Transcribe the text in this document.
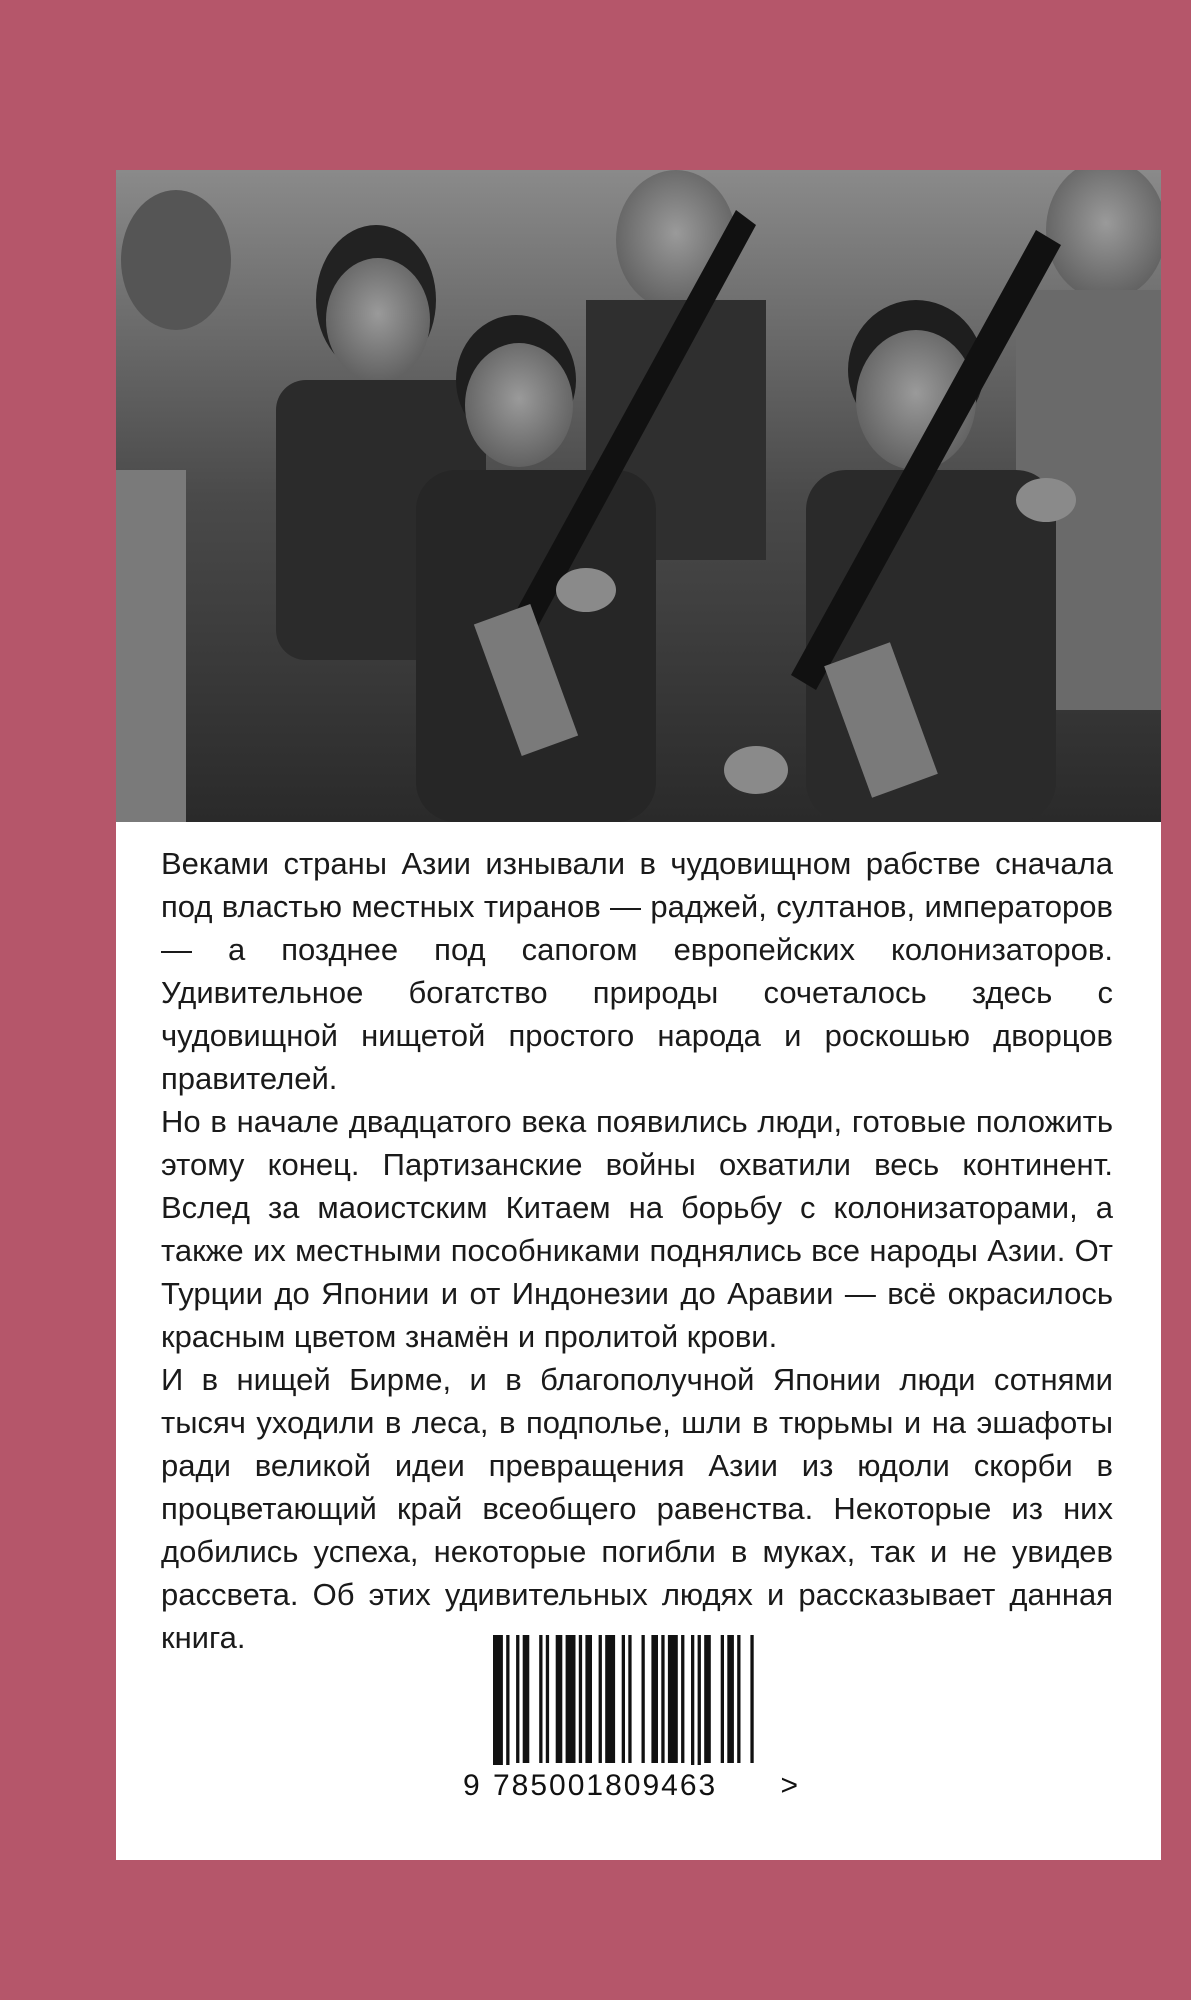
Веками страны Азии изнывали в чудовищном рабстве сначала под властью местных тиранов — раджей, султанов, императоров — а позднее под сапогом европейских колонизаторов. Удивительное богатство природы сочеталось здесь с чудовищной нищетой простого народа и роскошью дворцов правителей.

Но в начале двадцатого века появились люди, готовые положить этому конец. Партизанские войны охватили весь континент. Вслед за маоистским Китаем на борьбу с колонизаторами, а также их местными пособниками поднялись все народы Азии. От Турции до Японии и от Индонезии до Аравии — всё окрасилось красным цветом знамён и пролитой крови.

И в нищей Бирме, и в благополучной Японии люди сотнями тысяч уходили в леса, в подполье, шли в тюрьмы и на эшафоты ради великой идеи превращения Азии из юдоли скорби в процветающий край всеобщего равенства. Некоторые из них добились успеха, некоторые погибли в муках, так и не увидев рассвета. Об этих удивительных людях и рассказывает данная книга.

9 785001809463 >
